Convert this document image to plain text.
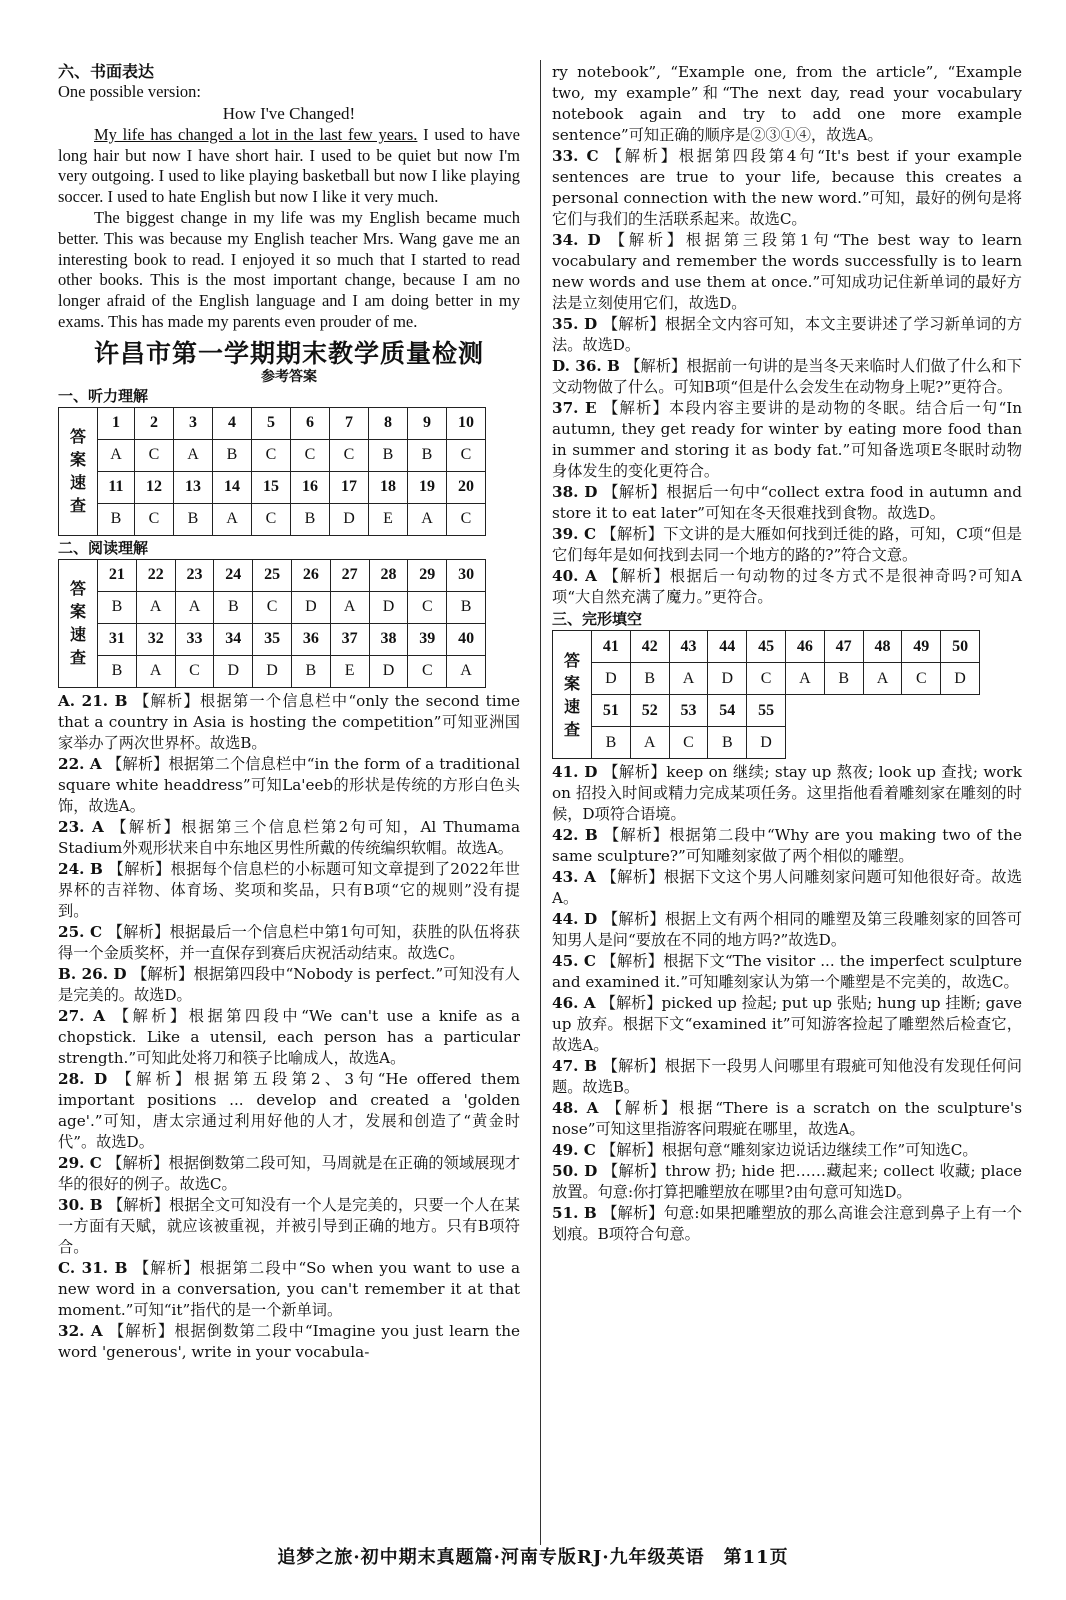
六、书面表达

One possible version:

How I've Changed!

My life has changed a lot in the last few years. I used to have long hair but now I have short hair. I used to be quiet but now I'm very outgoing. I used to like playing basketball but now I like playing soccer. I used to hate English but now I like it very much.

The biggest change in my life was my English became much better. This was because my English teacher Mrs. Wang gave me an interesting book to read. I enjoyed it so much that I started to read other books. This is the most important change, because I am no longer afraid of the English language and I am doing better in my exams. This has made my parents even prouder of me.

许昌市第一学期期末教学质量检测

参考答案

一、听力理解

答
案
速
查	1	2	3	4	5	6	7	8	9	10
	A	C	A	B	C	C	C	B	B	C
	11	12	13	14	15	16	17	18	19	20
	B	C	B	A	C	B	D	E	A	C

二、阅读理解

答
案
速
查	21	22	23	24	25	26	27	28	29	30
	B	A	A	B	C	D	A	D	C	B
	31	32	33	34	35	36	37	38	39	40
	B	A	C	D	D	B	E	D	C	A

A. 21. B 【解析】根据第一个信息栏中“only the second time that a country in Asia is hosting the competition”可知亚洲国家举办了两次世界杯。故选B。

22. A 【解析】根据第二个信息栏中“in the form of a traditional square white headdress”可知La'eeb的形状是传统的方形白色头饰，故选A。

23. A 【解析】根据第三个信息栏第2句可知，Al Thumama Stadium外观形状来自中东地区男性所戴的传统编织软帽。故选A。

24. B 【解析】根据每个信息栏的小标题可知文章提到了2022年世界杯的吉祥物、体育场、奖项和奖品，只有B项“它的规则”没有提到。

25. C 【解析】根据最后一个信息栏中第1句可知，获胜的队伍将获得一个金质奖杯，并一直保存到赛后庆祝活动结束。故选C。

B. 26. D 【解析】根据第四段中“Nobody is perfect.”可知没有人是完美的。故选D。

27. A 【解析】根据第四段中“We can't use a knife as a chopstick. Like a utensil, each person has a particular strength.”可知此处将刀和筷子比喻成人，故选A。

28. D 【解析】根据第五段第2、3句“He offered them important positions ... develop and created a 'golden age'.”可知，唐太宗通过利用好他的人才，发展和创造了“黄金时代”。故选D。

29. C 【解析】根据倒数第二段可知，马周就是在正确的领域展现才华的很好的例子。故选C。

30. B 【解析】根据全文可知没有一个人是完美的，只要一个人在某一方面有天赋，就应该被重视，并被引导到正确的地方。只有B项符合。

C. 31. B 【解析】根据第二段中“So when you want to use a new word in a conversation, you can't remember it at that moment.”可知“it”指代的是一个新单词。

32. A 【解析】根据倒数第二段中“Imagine you just learn the word 'generous', write in your vocabula-

ry notebook”, “Example one, from the article”, “Example two, my example”和“The next day, read your vocabulary notebook again and try to add one more example sentence”可知正确的顺序是②③①④，故选A。

33. C 【解析】根据第四段第4句“It's best if your example sentences are true to your life, because this creates a personal connection with the new word.”可知，最好的例句是将它们与我们的生活联系起来。故选C。

34. D 【解析】根据第三段第1句“The best way to learn vocabulary and remember the words successfully is to learn new words and use them at once.”可知成功记住新单词的最好方法是立刻使用它们，故选D。

35. D 【解析】根据全文内容可知，本文主要讲述了学习新单词的方法。故选D。

D. 36. B 【解析】根据前一句讲的是当冬天来临时人们做了什么和下文动物做了什么。可知B项“但是什么会发生在动物身上呢?”更符合。

37. E 【解析】本段内容主要讲的是动物的冬眠。结合后一句“In autumn, they get ready for winter by eating more food than in summer and storing it as body fat.”可知备选项E冬眠时动物身体发生的变化更符合。

38. D 【解析】根据后一句中“collect extra food in autumn and store it to eat later”可知在冬天很难找到食物。故选D。

39. C 【解析】下文讲的是大雁如何找到迁徙的路，可知，C项“但是它们每年是如何找到去同一个地方的路的?”符合文意。

40. A 【解析】根据后一句动物的过冬方式不是很神奇吗?可知A项“大自然充满了魔力。”更符合。

三、完形填空

答
案
速
查	41	42	43	44	45	46	47	48	49	50
	D	B	A	D	C	A	B	A	C	D
	51	52	53	54	55					
	B	A	C	B	D					

41. D 【解析】keep on 继续; stay up 熬夜; look up 查找; work on 招投入时间或精力完成某项任务。这里指他看着雕刻家在雕刻的时候，D项符合语境。

42. B 【解析】根据第二段中“Why are you making two of the same sculpture?”可知雕刻家做了两个相似的雕塑。

43. A 【解析】根据下文这个男人问雕刻家问题可知他很好奇。故选A。

44. D 【解析】根据上文有两个相同的雕塑及第三段雕刻家的回答可知男人是问“要放在不同的地方吗?”故选D。

45. C 【解析】根据下文“The visitor ... the imperfect sculpture and examined it.”可知雕刻家认为第一个雕塑是不完美的，故选C。

46. A 【解析】picked up 捡起; put up 张贴; hung up 挂断; gave up 放弃。根据下文“examined it”可知游客捡起了雕塑然后检查它，故选A。

47. B 【解析】根据下一段男人问哪里有瑕疵可知他没有发现任何问题。故选B。

48. A 【解析】根据“There is a scratch on the sculpture's nose”可知这里指游客问瑕疵在哪里，故选A。

49. C 【解析】根据句意“雕刻家边说话边继续工作”可知选C。

50. D 【解析】throw 扔; hide 把……藏起来; collect 收藏; place 放置。句意:你打算把雕塑放在哪里?由句意可知选D。

51. B 【解析】句意:如果把雕塑放的那么高谁会注意到鼻子上有一个划痕。B项符合句意。

追梦之旅·初中期末真题篇·河南专版RJ·九年级英语　第11页
